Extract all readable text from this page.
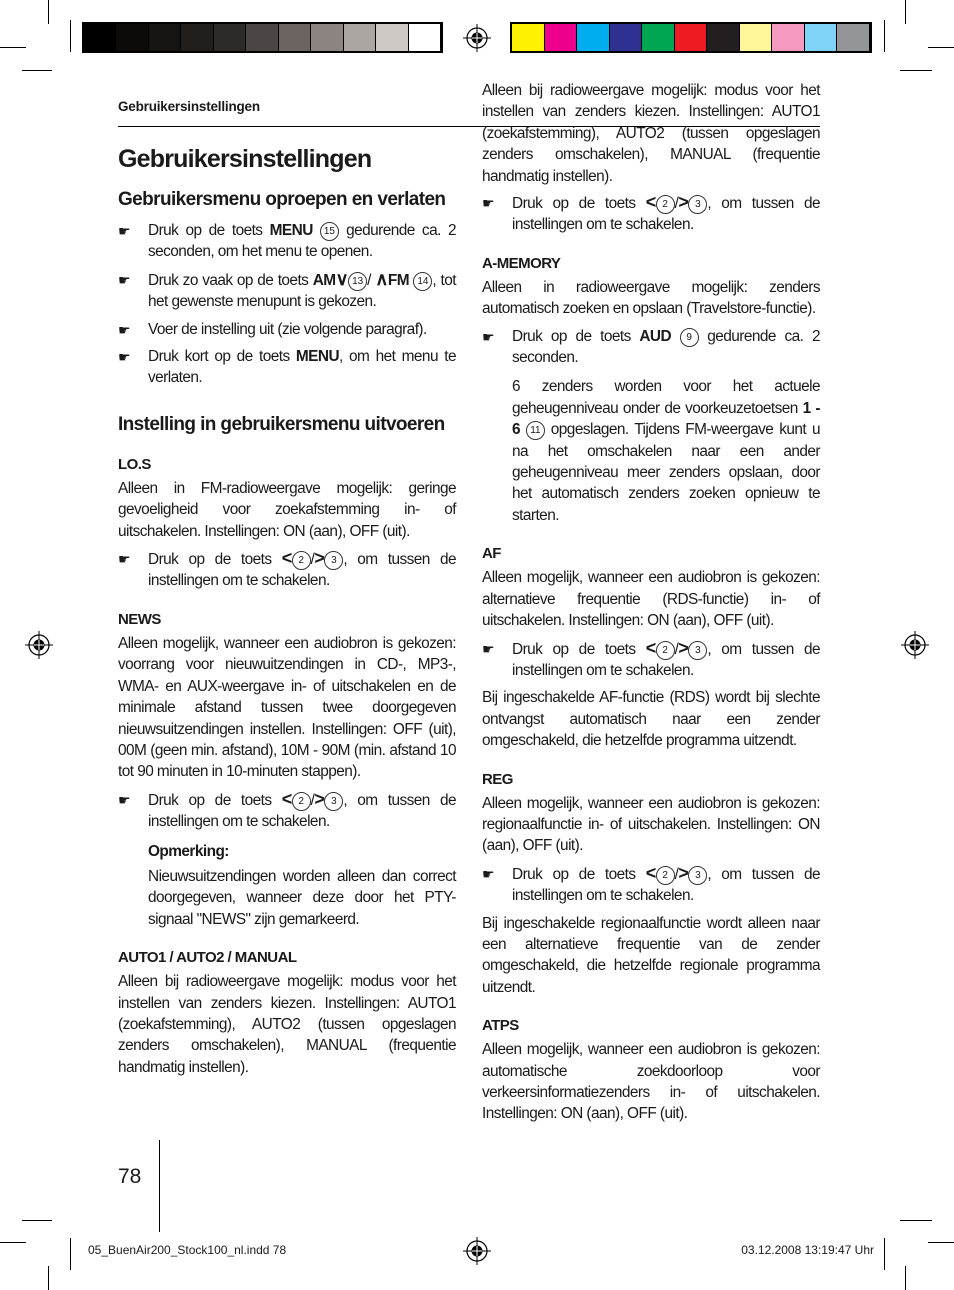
Gebruikersinstellingen
Gebruikersinstellingen
Gebruikersmenu oproepen en verlaten
☛ Druk op de toets MENU 15 gedurende ca. 2 seconden, om het menu te openen.
☛ Druk zo vaak op de toets AM∨ 13 / ∧FM 14 , tot het gewenste menupunt is gekozen.
☛ Voer de instelling uit (zie volgende paragraf).
☛ Druk kort op de toets MENU, om het menu te verlaten.
Instelling in gebruikersmenu uitvoeren
LO.S

Alleen in FM-radioweergave mogelijk: geringe gevoeligheid voor zoekafstemming in- of uitschakelen. Instellingen: ON (aan), OFF (uit).

☛ Druk op de toets < 2 /> 3 , om tussen de instellingen om te schakelen.
NEWS

Alleen mogelijk, wanneer een audiobron is gekozen: voorrang voor nieuwuitzendingen in CD-, MP3-, WMA- en AUX-weergave in- of uitschakelen en de minimale afstand tussen twee doorgegeven nieuwsuitzendingen instellen. Instellingen: OFF (uit), 00M (geen min. afstand), 10M - 90M (min. afstand 10 tot 90 minuten in 10-minuten stappen).

☛ Druk op de toets < 2 /> 3 , om tussen de instellingen om te schakelen.
Opmerking:

Nieuwsuitzendingen worden alleen dan correct doorgegeven, wanneer deze door het PTY-signaal "NEWS" zijn gemarkeerd.

AUTO1 / AUTO2 / MANUAL

Alleen bij radioweergave mogelijk: modus voor het instellen van zenders kiezen. Instellingen: AUTO1 (zoekafstemming), AUTO2 (tussen opgeslagen zenders omschakelen), MANUAL (frequentie handmatig instellen).

Alleen bij radioweergave mogelijk: modus voor het instellen van zenders kiezen. Instellingen: AUTO1 (zoekafstemming), AUTO2 (tussen opgeslagen zenders omschakelen), MANUAL (frequentie handmatig instellen).

☛ Druk op de toets < 2 /> 3 , om tussen de instellingen om te schakelen.
A-MEMORY

Alleen in radioweergave mogelijk: zenders automatisch zoeken en opslaan (Travelstore-functie).

☛ Druk op de toets AUD 9 gedurende ca. 2 seconden.

6 zenders worden voor het actuele geheugenniveau onder de voorkeuzetoetsen 1 - 6 11 opgeslagen. Tijdens FM-weergave kunt u na het omschakelen naar een ander geheugenniveau meer zenders opslaan, door het automatisch zenders zoeken opnieuw te starten.

AF

Alleen mogelijk, wanneer een audiobron is gekozen: alternatieve frequentie (RDS-functie) in- of uitschakelen. Instellingen: ON (aan), OFF (uit).

☛ Druk op de toets < 2 /> 3 , om tussen de instellingen om te schakelen.

Bij ingeschakelde AF-functie (RDS) wordt bij slechte ontvangst automatisch naar een zender omgeschakeld, die hetzelfde programma uitzendt.

REG

Alleen mogelijk, wanneer een audiobron is gekozen: regionaalfunctie in- of uitschakelen. Instellingen: ON (aan), OFF (uit).

☛ Druk op de toets < 2 /> 3 , om tussen de instellingen om te schakelen.

Bij ingeschakelde regionaalfunctie wordt alleen naar een alternatieve frequentie van de zender omgeschakeld, die hetzelfde regionale programma uitzendt.

ATPS

Alleen mogelijk, wanneer een audiobron is gekozen: automatische zoekdoorloop voor verkeersinformatiezenders in- of uitschakelen. Instellingen: ON (aan), OFF (uit).

78
05_BuenAir200_Stock100_nl.indd 78	03.12.2008 13:19:47 Uhr
